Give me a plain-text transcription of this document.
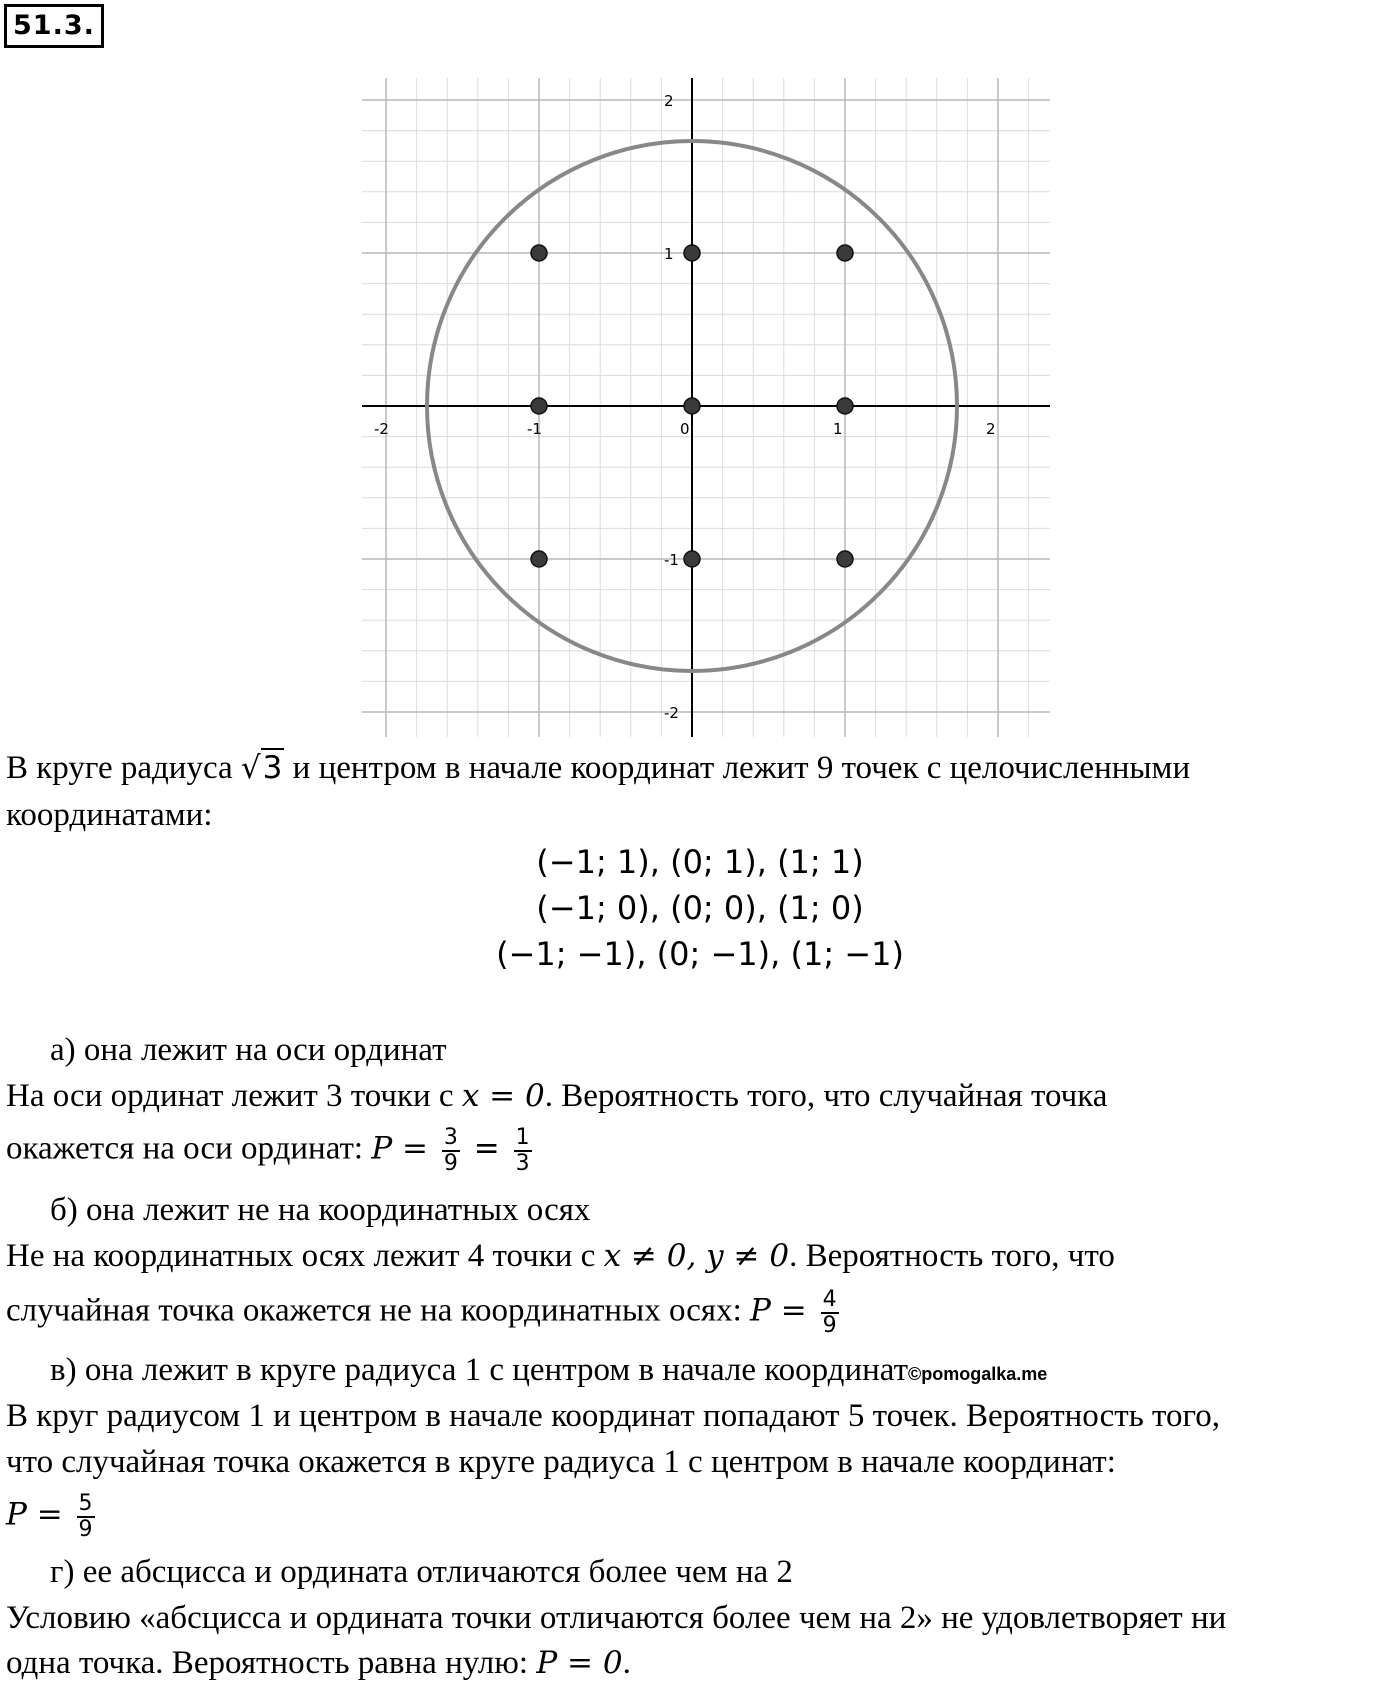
51.3.
-2	-1	0	1	2
2
1
-1
-2
В круге радиуса √3 и центром в начале координат лежит 9 точек с целочисленными
координатами:
(−1; 1), (0; 1), (1; 1)
(−1; 0), (0; 0), (1; 0)
(−1; −1), (0; −1), (1; −1)
а) она лежит на оси ординат
На оси ординат лежит 3 точки с x = 0. Вероятность того, что случайная точка
окажется на оси ординат: $P = \frac{3}{9} = \frac{1}{3}$
б) она лежит не на координатных осях
Не на координатных осях лежит 4 точки с x ≠ 0, y ≠ 0. Вероятность того, что
случайная точка окажется не на координатных осях: $P = \frac{4}{9}$
в) она лежит в круге радиуса 1 с центром в начале координат©pomogalka.me
В круг радиусом 1 и центром в начале координат попадают 5 точек. Вероятность того,
что случайная точка окажется в круге радиуса 1 с центром в начале координат:
$P = \frac{5}{9}$
г) ее абсцисса и ордината отличаются более чем на 2
Условию «абсцисса и ордината точки отличаются более чем на 2» не удовлетворяет ни
одна точка. Вероятность равна нулю: P = 0.
